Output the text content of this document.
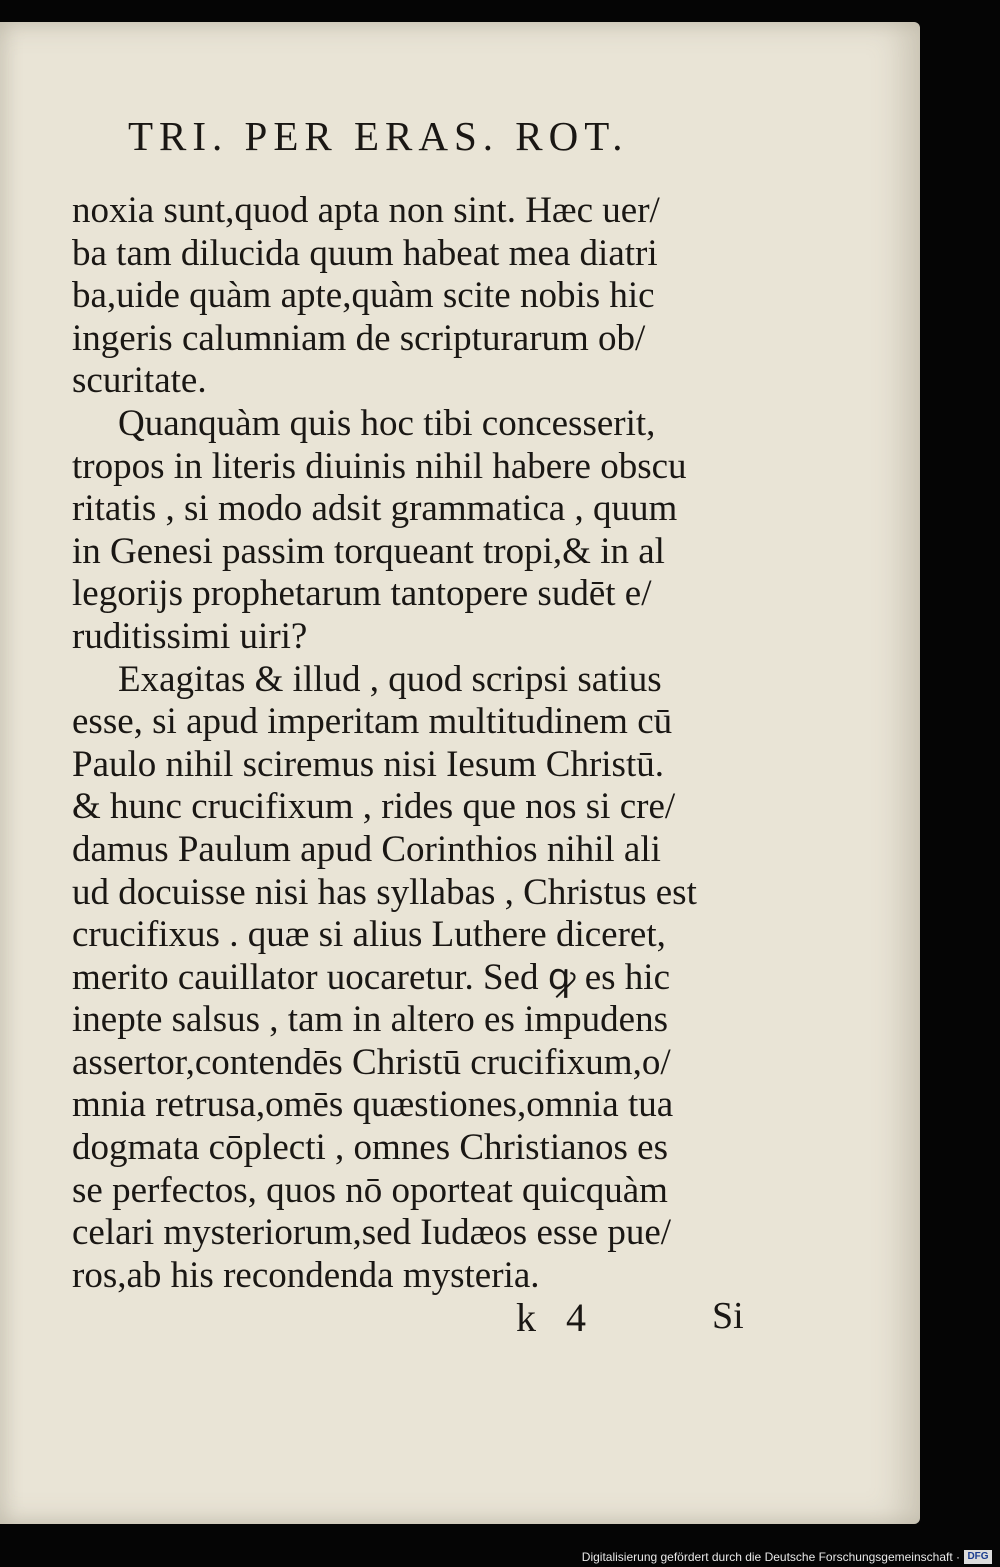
TRI. PER ERAS. ROT.
noxia sunt,quod apta non sint. Hæc uer/
ba tam dilucida quum habeat mea diatri
ba,uide quàm apte,quàm scite nobis hic
ingeris calumniam de scripturarum ob/
scuritate.
Quanquàm quis hoc tibi concesserit,
tropos in literis diuinis nihil habere obscu
ritatis , si modo adsit grammatica , quum
in Genesi passim torqueant tropi,& in al
legorijs prophetarum tantopere sudēt e/
ruditissimi uiri?
Exagitas & illud , quod scripsi satius
esse, si apud imperitam multitudinem cū
Paulo nihil sciremus nisi Iesum Christū.
& hunc crucifixum , rides que nos si cre/
damus Paulum apud Corinthios nihil ali
ud docuisse nisi has syllabas , Christus est
crucifixus . quæ si alius Luthere diceret,
merito cauillator uocaretur. Sed ꝙ es hic
inepte salsus , tam in altero es impudens
assertor,contendēs Christū crucifixum,o/
mnia retrusa,omēs quæstiones,omnia tua
dogmata cōplecti , omnes Christianos es
se perfectos, quos nō oporteat quicquàm
celari mysteriorum,sed Iudæos esse pue/
ros,ab his recondenda mysteria.
k 4	Si
Digitalisierung gefördert durch die Deutsche Forschungsgemeinschaft · DFG
